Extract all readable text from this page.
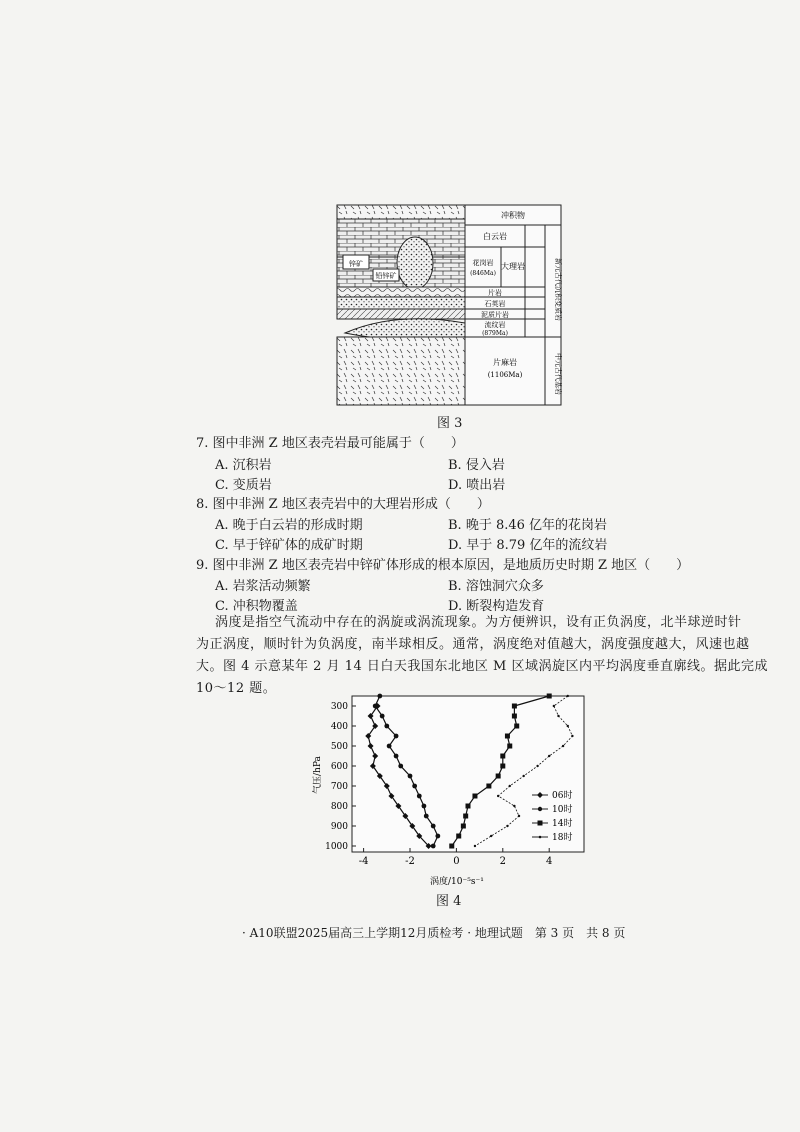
锌矿
铅锌矿
冲积物
白云岩
花岗岩
(846Ma)
大理岩
片岩
石英岩
泥质片岩
流纹岩
(879Ma)
片麻岩
(1106Ma)
新元古代沉积变质岩
中元古代基岩
图 3
7. 图中非洲 Z 地区表壳岩最可能属于（　　）
A. 沉积岩	B. 侵入岩
C. 变质岩	D. 喷出岩
8. 图中非洲 Z 地区表壳岩中的大理岩形成（　　）
A. 晚于白云岩的形成时期	B. 晚于 8.46 亿年的花岗岩
C. 早于锌矿体的成矿时期	D. 早于 8.79 亿年的流纹岩
9. 图中非洲 Z 地区表壳岩中锌矿体形成的根本原因，是地质历史时期 Z 地区（　　）
A. 岩浆活动频繁	B. 溶蚀洞穴众多
C. 冲积物覆盖	D. 断裂构造发育
涡度是指空气流动中存在的涡旋或涡流现象。为方便辨识，设有正负涡度，北半球逆时针
为正涡度，顺时针为负涡度，南半球相反。通常，涡度绝对值越大，涡度强度越大，风速也越
大。图 4 示意某年 2 月 14 日白天我国东北地区 M 区域涡旋区内平均涡度垂直廓线。据此完成
10～12 题。
气压/hPa
涡度/10⁻⁵s⁻¹
-4	-2	0	2	4
300
400
500
600
700
800
900
1000
06时
10时
14时
18时
图 4
· A10联盟2025届高三上学期12月质检考 · 地理试题　第 3 页　共 8 页
